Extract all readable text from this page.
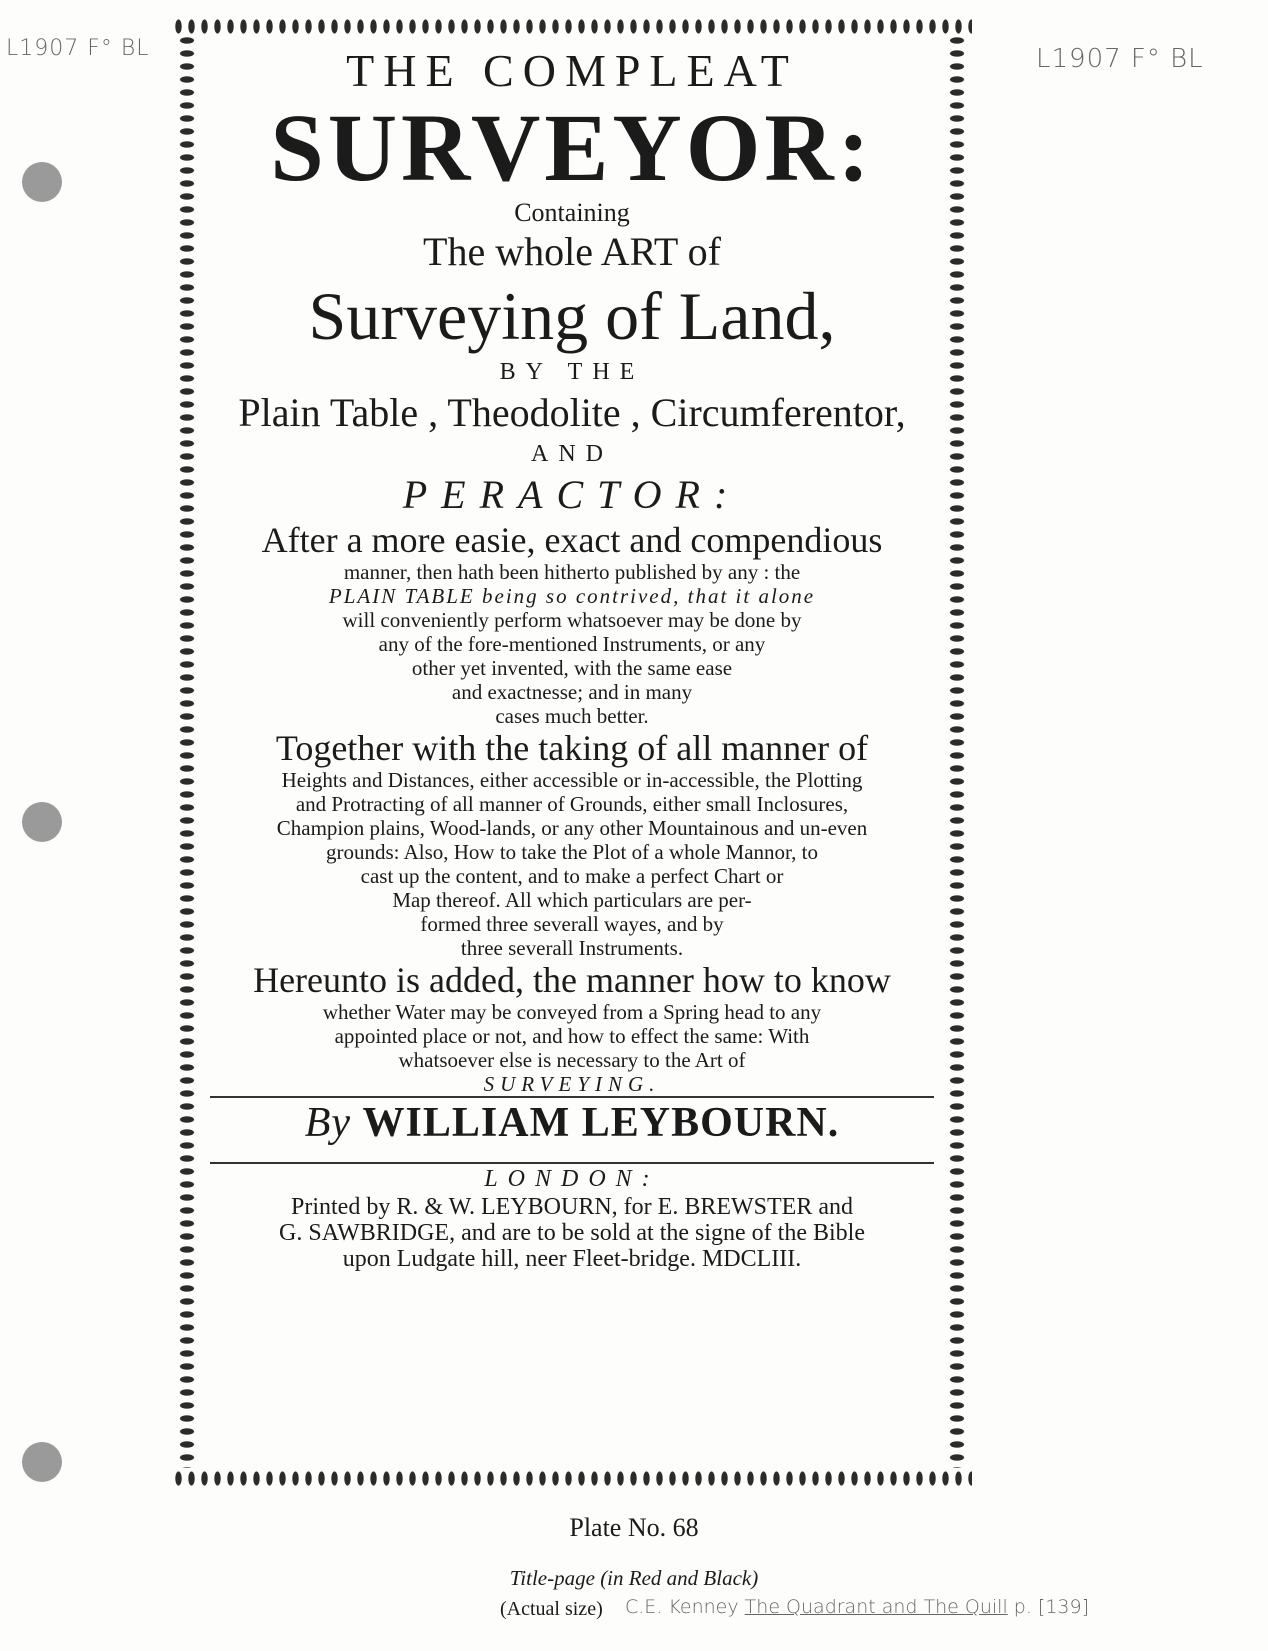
L1907 F° BL	L1907 F° BL
THE COMPLEAT
SURVEYOR:
Containing
The whole ART of
Surveying of Land,
BY THE
Plain Table , Theodolite , Circumferentor,
AND
PERACTOR:
After a more easie, exact and compendious
manner, then hath been hitherto published by any : the
PLAIN TABLE being so contrived, that it alone
will conveniently perform whatsoever may be done by
any of the fore-mentioned Instruments, or any
other yet invented, with the same ease
and exactnesse; and in many
cases much better.
Together with the taking of all manner of
Heights and Distances, either accessible or in-accessible, the Plotting
and Protracting of all manner of Grounds, either small Inclosures,
Champion plains, Wood-lands, or any other Mountainous and un-even
grounds: Also, How to take the Plot of a whole Mannor, to
cast up the content, and to make a perfect Chart or
Map thereof. All which particulars are per-
formed three severall wayes, and by
three severall Instruments.
Hereunto is added, the manner how to know
whether Water may be conveyed from a Spring head to any
appointed place or not, and how to effect the same: With
whatsoever else is necessary to the Art of
SURVEYING.
By WILLIAM LEYBOURN.
LONDON:
Printed by R. & W. LEYBOURN, for E. BREWSTER and
G. SAWBRIDGE, and are to be sold at the signe of the Bible
upon Ludgate hill, neer Fleet-bridge. MDCLIII.
Plate No. 68
Title-page (in Red and Black)
(Actual size) C.E. Kenney The Quadrant and The Quill p. [139]
